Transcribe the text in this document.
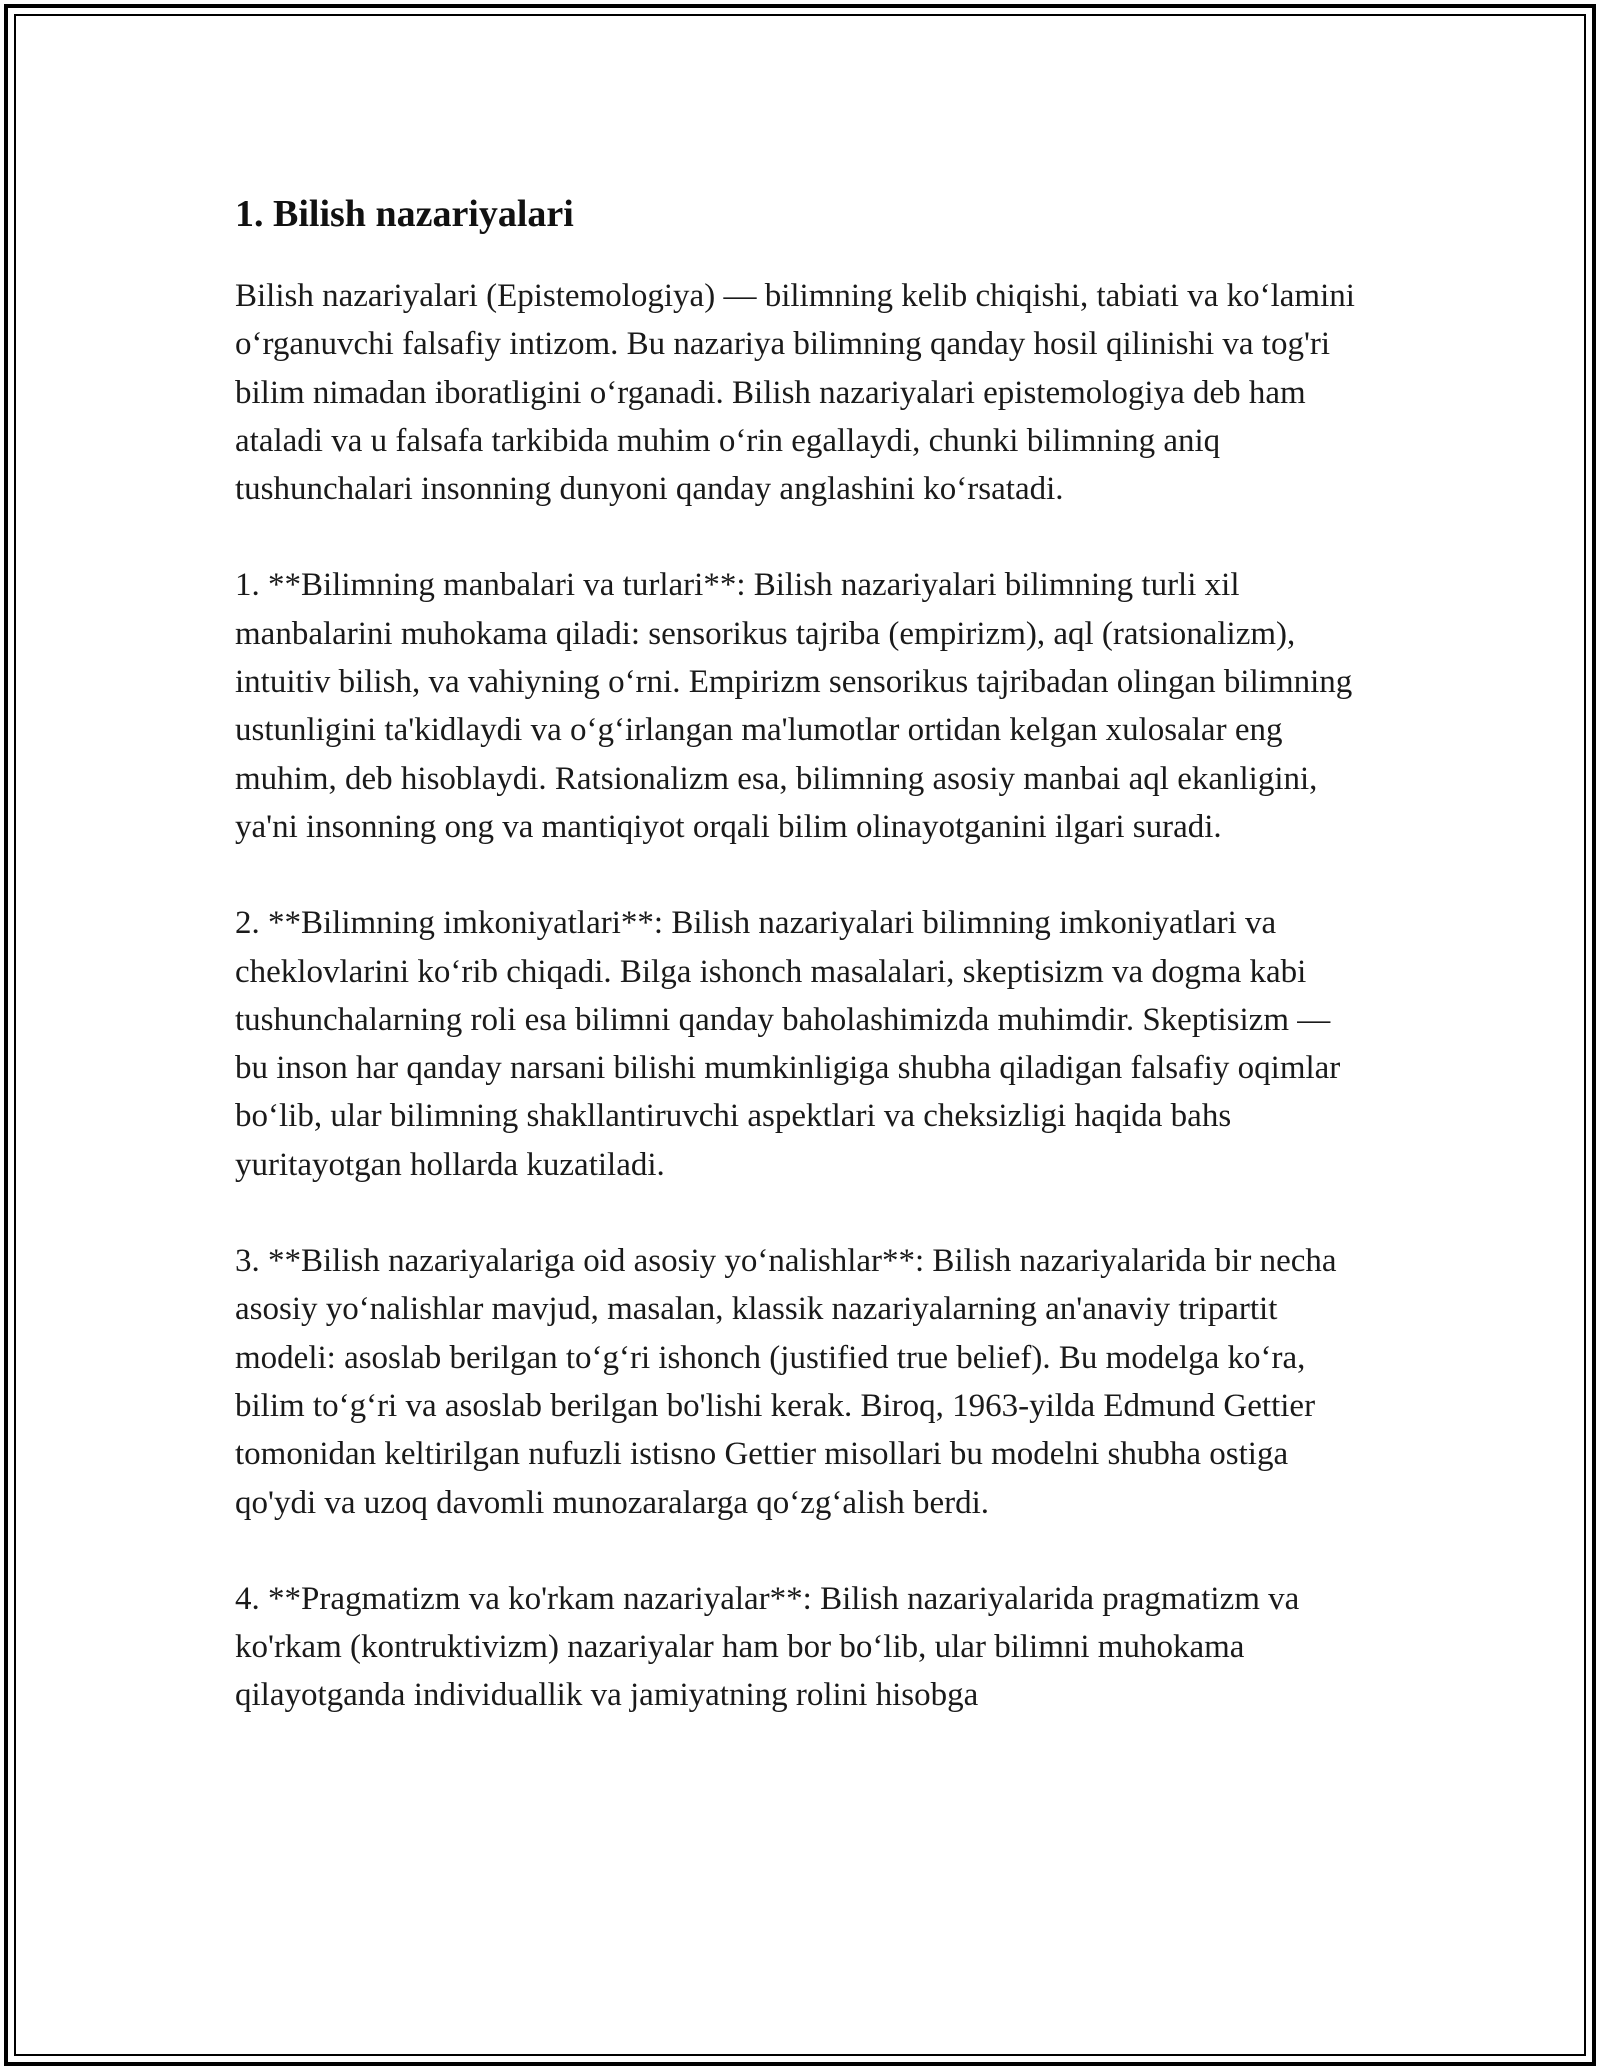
1. Bilish nazariyalari

Bilish nazariyalari (Epistemologiya) — bilimning kelib chiqishi, tabiati va ko‘lamini o‘rganuvchi falsafiy intizom. Bu nazariya bilimning qanday hosil qilinishi va tog'ri bilim nimadan iboratligini o‘rganadi. Bilish nazariyalari epistemologiya deb ham ataladi va u falsafa tarkibida muhim o‘rin egallaydi, chunki bilimning aniq tushunchalari insonning dunyoni qanday anglashini ko‘rsatadi.

1. **Bilimning manbalari va turlari**: Bilish nazariyalari bilimning turli xil manbalarini muhokama qiladi: sensorikus tajriba (empirizm), aql (ratsionalizm), intuitiv bilish, va vahiyning o‘rni. Empirizm sensorikus tajribadan olingan bilimning ustunligini ta'kidlaydi va o‘g‘irlangan ma'lumotlar ortidan kelgan xulosalar eng muhim, deb hisoblaydi. Ratsionalizm esa, bilimning asosiy manbai aql ekanligini, ya'ni insonning ong va mantiqiyot orqali bilim olinayotganini ilgari suradi.

2. **Bilimning imkoniyatlari**: Bilish nazariyalari bilimning imkoniyatlari va cheklovlarini ko‘rib chiqadi. Bilga ishonch masalalari, skeptisizm va dogma kabi tushunchalarning roli esa bilimni qanday baholashimizda muhimdir. Skeptisizm — bu inson har qanday narsani bilishi mumkinligiga shubha qiladigan falsafiy oqimlar bo‘lib, ular bilimning shakllantiruvchi aspektlari va cheksizligi haqida bahs yuritayotgan hollarda kuzatiladi.

3. **Bilish nazariyalariga oid asosiy yo‘nalishlar**: Bilish nazariyalarida bir necha asosiy yo‘nalishlar mavjud, masalan, klassik nazariyalarning an'anaviy tripartit modeli: asoslab berilgan to‘g‘ri ishonch (justified true belief). Bu modelga ko‘ra, bilim to‘g‘ri va asoslab berilgan bo'lishi kerak. Biroq, 1963-yilda Edmund Gettier tomonidan keltirilgan nufuzli istisno Gettier misollari bu modelni shubha ostiga qo'ydi va uzoq davomli munozaralarga qo‘zg‘alish berdi.

4. **Pragmatizm va ko'rkam nazariyalar**: Bilish nazariyalarida pragmatizm va ko'rkam (kontruktivizm) nazariyalar ham bor bo‘lib, ular bilimni muhokama qilayotganda individuallik va jamiyatning rolini hisobga
